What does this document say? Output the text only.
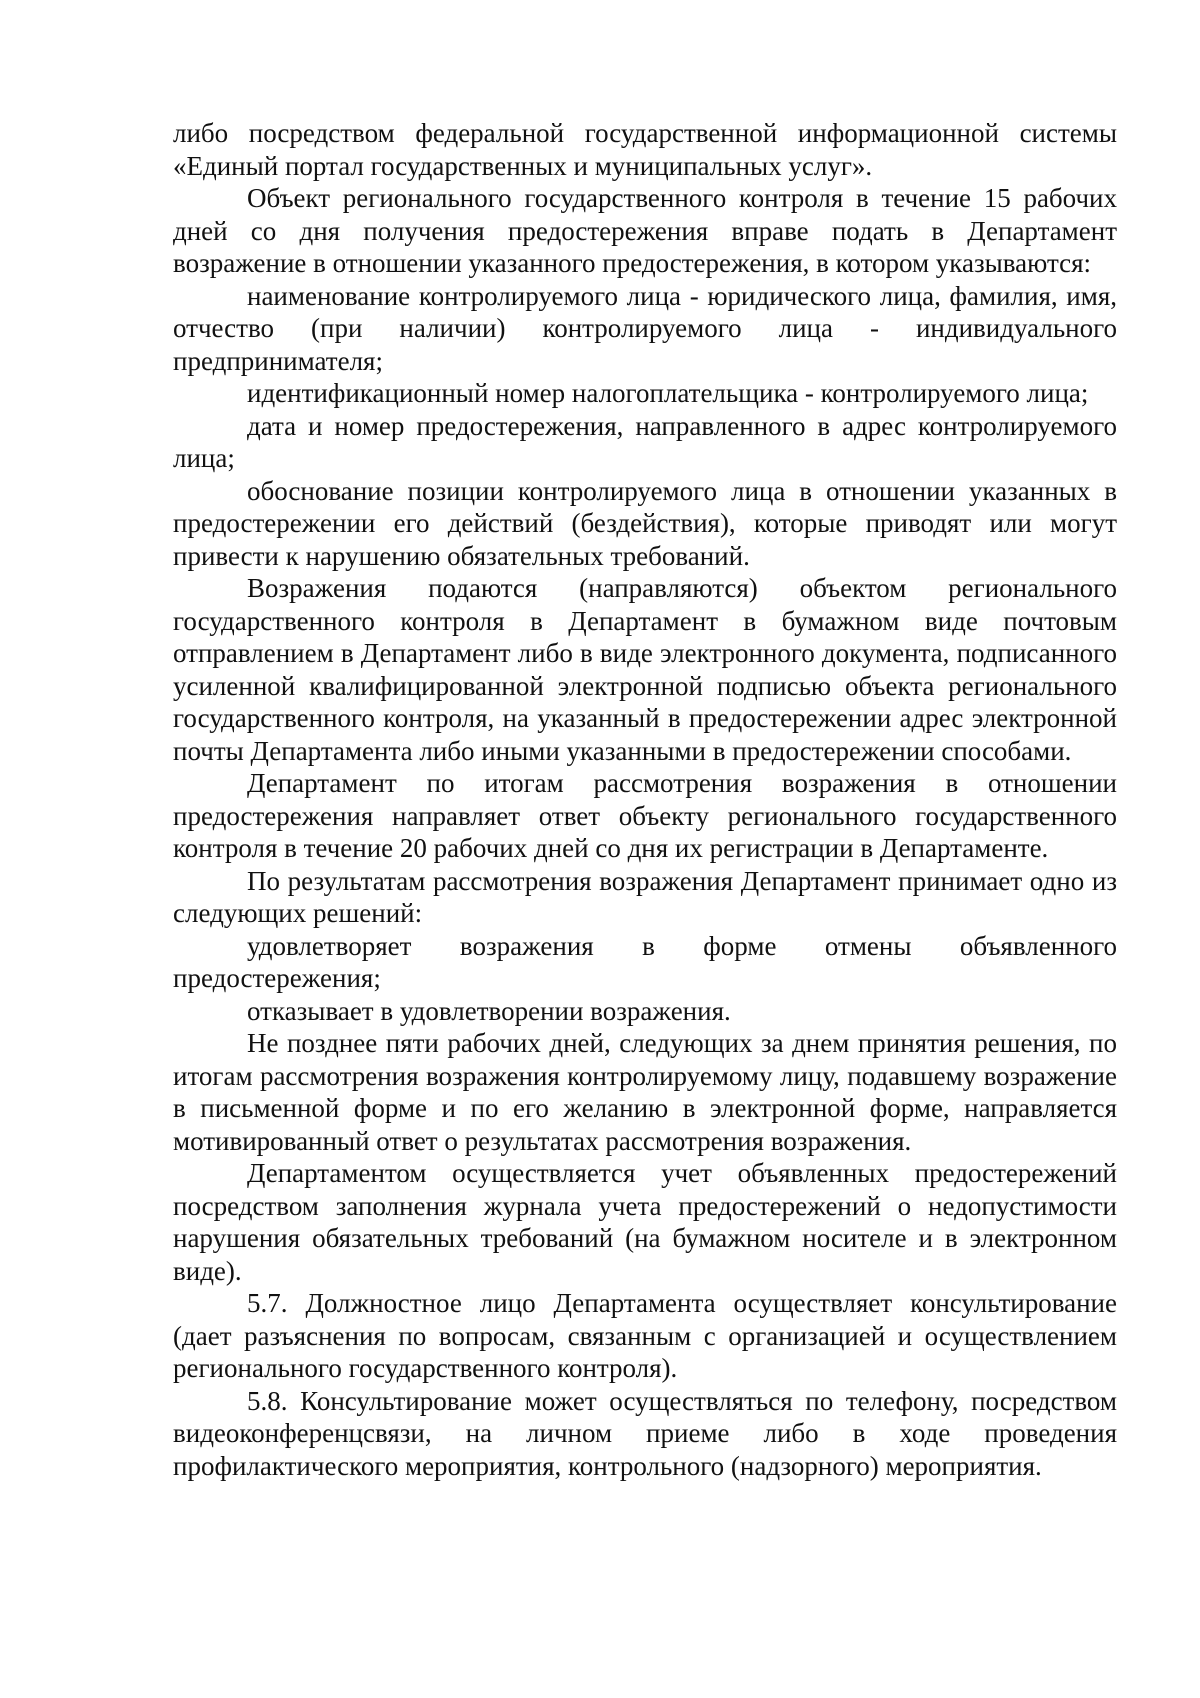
либо посредством федеральной государственной информационной системы «Единый портал государственных и муниципальных услуг».

Объект регионального государственного контроля в течение 15 рабочих дней со дня получения предостережения вправе подать в Департамент возражение в отношении указанного предостережения, в котором указываются:

наименование контролируемого лица - юридического лица, фамилия, имя, отчество (при наличии) контролируемого лица - индивидуального предпринимателя;

идентификационный номер налогоплательщика - контролируемого лица;

дата и номер предостережения, направленного в адрес контролируемого лица;

обоснование позиции контролируемого лица в отношении указанных в предостережении его действий (бездействия), которые приводят или могут привести к нарушению обязательных требований.

Возражения подаются (направляются) объектом регионального государственного контроля в Департамент в бумажном виде почтовым отправлением в Департамент либо в виде электронного документа, подписанного усиленной квалифицированной электронной подписью объекта регионального государственного контроля, на указанный в предостережении адрес электронной почты Департамента либо иными указанными в предостережении способами.

Департамент по итогам рассмотрения возражения в отношении предостережения направляет ответ объекту регионального государственного контроля в течение 20 рабочих дней со дня их регистрации в Департаменте.

По результатам рассмотрения возражения Департамент принимает одно из следующих решений:

удовлетворяет возражения в форме отмены объявленного предостережения;

отказывает в удовлетворении возражения.

Не позднее пяти рабочих дней, следующих за днем принятия решения, по итогам рассмотрения возражения контролируемому лицу, подавшему возражение в письменной форме и по его желанию в электронной форме, направляется мотивированный ответ о результатах рассмотрения возражения.

Департаментом осуществляется учет объявленных предостережений посредством заполнения журнала учета предостережений о недопустимости нарушения обязательных требований (на бумажном носителе и в электронном виде).

5.7. Должностное лицо Департамента осуществляет консультирование (дает разъяснения по вопросам, связанным с организацией и осуществлением регионального государственного контроля).

5.8. Консультирование может осуществляться по телефону, посредством видеоконференцсвязи, на личном приеме либо в ходе проведения профилактического мероприятия, контрольного (надзорного) мероприятия.
